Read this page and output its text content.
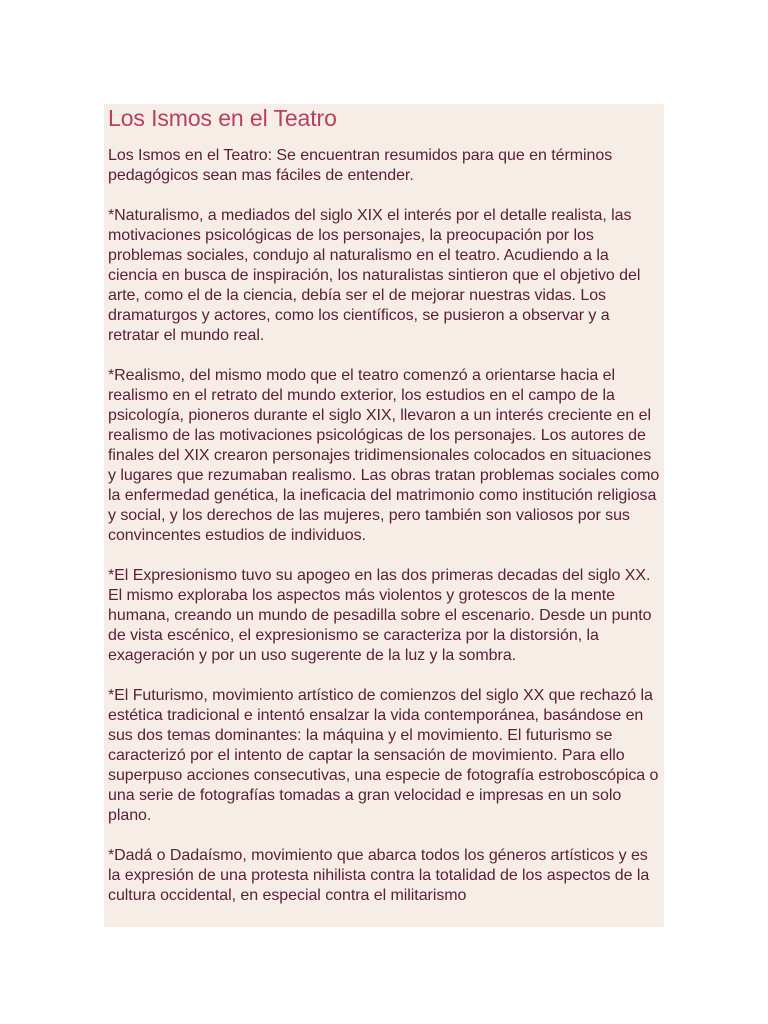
Los Ismos en el Teatro

Los Ismos en el Teatro: Se encuentran resumidos para que en términos pedagógicos sean mas fáciles de entender.

*Naturalismo, a mediados del siglo XIX el interés por el detalle realista, las motivaciones psicológicas de los personajes, la preocupación por los problemas sociales, condujo al naturalismo en el teatro. Acudiendo a la ciencia en busca de inspiración, los naturalistas sintieron que el objetivo del arte, como el de la ciencia, debía ser el de mejorar nuestras vidas. Los dramaturgos y actores, como los científicos, se pusieron a observar y a retratar el mundo real.

*Realismo, del mismo modo que el teatro comenzó a orientarse hacia el realismo en el retrato del mundo exterior, los estudios en el campo de la psicología, pioneros durante el siglo XIX, llevaron a un interés creciente en el realismo de las motivaciones psicológicas de los personajes. Los autores de finales del XIX crearon personajes tridimensionales colocados en situaciones y lugares que rezumaban realismo. Las obras tratan problemas sociales como la enfermedad genética, la ineficacia del matrimonio como institución religiosa y social, y los derechos de las mujeres, pero también son valiosos por sus convincentes estudios de individuos.

*El Expresionismo tuvo su apogeo en las dos primeras decadas del siglo XX. El mismo exploraba los aspectos más violentos y grotescos de la mente humana, creando un mundo de pesadilla sobre el escenario. Desde un punto de vista escénico, el expresionismo se caracteriza por la distorsión, la exageración y por un uso sugerente de la luz y la sombra.

*El Futurismo, movimiento artístico de comienzos del siglo XX que rechazó la estética tradicional e intentó ensalzar la vida contemporánea, basándose en sus dos temas dominantes: la máquina y el movimiento. El futurismo se caracterizó por el intento de captar la sensación de movimiento. Para ello superpuso acciones consecutivas, una especie de fotografía estroboscópica o una serie de fotografías tomadas a gran velocidad e impresas en un solo plano.

*Dadá o Dadaísmo, movimiento que abarca todos los géneros artísticos y es la expresión de una protesta nihilista contra la totalidad de los aspectos de la cultura occidental, en especial contra el militarismo
